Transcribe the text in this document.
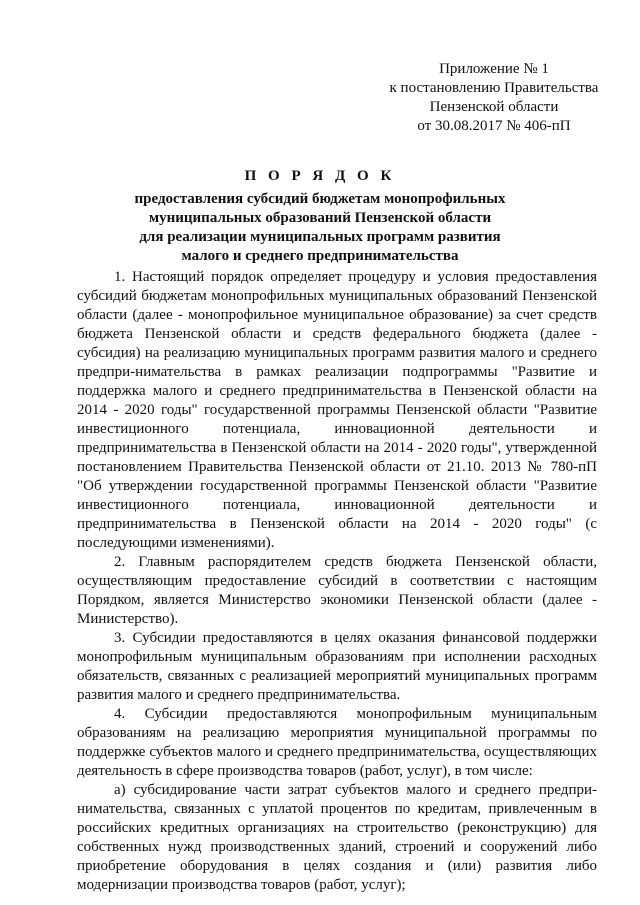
Приложение № 1
к постановлению Правительства
Пензенской области
от 30.08.2017 № 406-пП
П О Р Я Д О К
предоставления субсидий бюджетам монопрофильных
муниципальных образований Пензенской области
для реализации муниципальных программ развития
малого и среднего предпринимательства

1. Настоящий порядок определяет процедуру и условия предоставления субсидий бюджетам монопрофильных муниципальных образований Пензенской области (далее - монопрофильное муниципальное образование) за счет средств бюджета Пензенской области и средств федерального бюджета (далее - субсидия) на реализацию муниципальных программ развития малого и среднего предпри-нимательства в рамках реализации подпрограммы "Развитие и поддержка малого и среднего предпринимательства в Пензенской области на 2014 - 2020 годы" государственной программы Пензенской области "Развитие инвестиционного потенциала, инновационной деятельности и предпринимательства в Пензенской области на 2014 - 2020 годы", утвержденной постановлением Правительства Пензенской области от 21.10. 2013 № 780-пП "Об утверждении государственной программы Пензенской области "Развитие инвестиционного потенциала, инновационной деятельности и предпринимательства в Пензенской области на 2014 - 2020 годы" (с последующими изменениями).

2. Главным распорядителем средств бюджета Пензенской области, осуществляющим предоставление субсидий в соответствии с настоящим Порядком, является Министерство экономики Пензенской области (далее - Министерство).

3. Субсидии предоставляются в целях оказания финансовой поддержки монопрофильным муниципальным образованиям при исполнении расходных обязательств, связанных с реализацией мероприятий муниципальных программ развития малого и среднего предпринимательства.

4. Субсидии предоставляются монопрофильным муниципальным образованиям на реализацию мероприятия муниципальной программы по поддержке субъектов малого и среднего предпринимательства, осуществляющих деятельность в сфере производства товаров (работ, услуг), в том числе:

а) субсидирование части затрат субъектов малого и среднего предпри-нимательства, связанных с уплатой процентов по кредитам, привлеченным в российских кредитных организациях на строительство (реконструкцию) для собственных нужд производственных зданий, строений и сооружений либо приобретение оборудования в целях создания и (или) развития либо модернизации производства товаров (работ, услуг);
